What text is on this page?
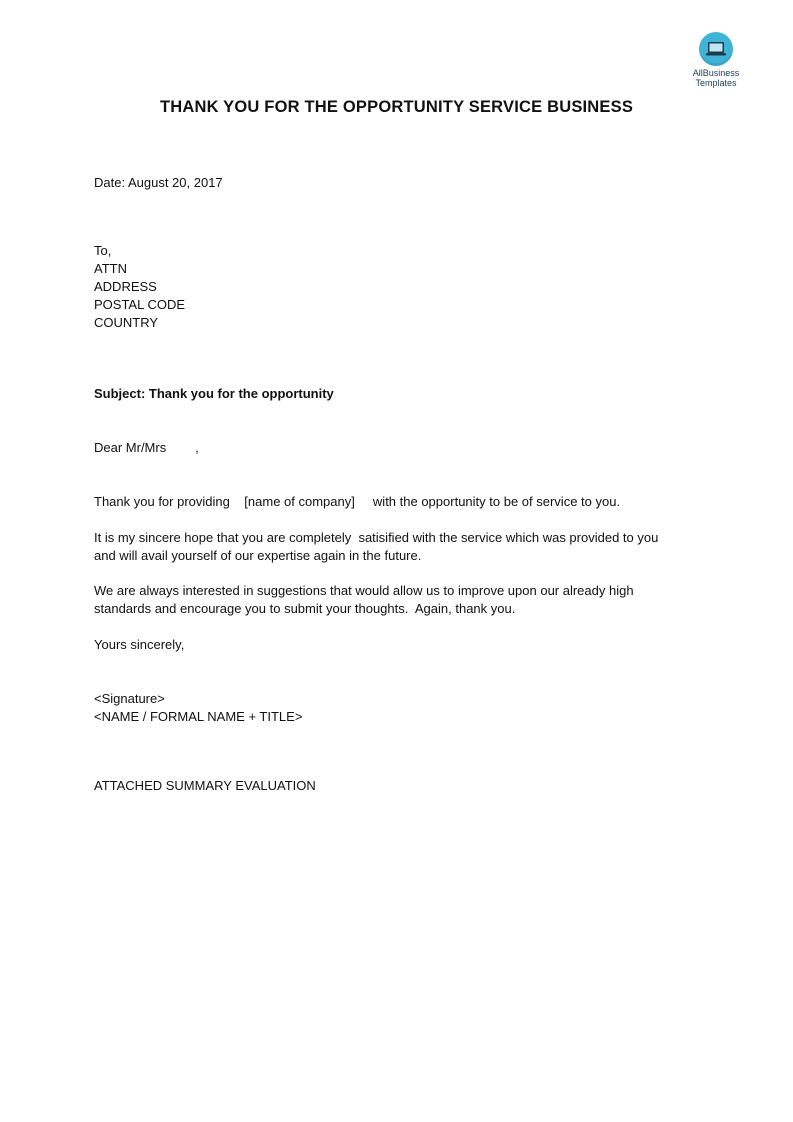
AllBusiness
Templates
THANK YOU FOR THE OPPORTUNITY SERVICE BUSINESS
Date: August 20, 2017
To,
ATTN
ADDRESS
POSTAL CODE
COUNTRY
Subject: Thank you for the opportunity
Dear Mr/Mrs        ,
Thank you for providing    [name of company]     with the opportunity to be of service to you.
It is my sincere hope that you are completely  satisified with the service which was provided to you
and will avail yourself of our expertise again in the future.
We are always interested in suggestions that would allow us to improve upon our already high
standards and encourage you to submit your thoughts.  Again, thank you.
Yours sincerely,
<Signature>
<NAME / FORMAL NAME + TITLE>
ATTACHED SUMMARY EVALUATION
